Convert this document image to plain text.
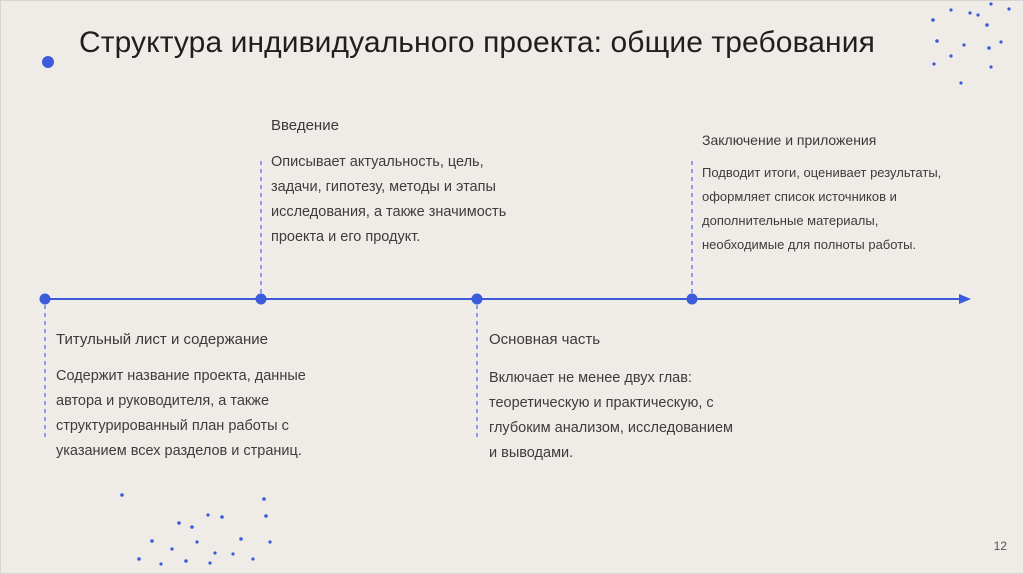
Структура индивидуального проекта: общие требования
Введение
Описывает актуальность, цель,
задачи, гипотезу, методы и этапы
исследования, а также значимость
проекта и его продукт.
Заключение и приложения
Подводит итоги, оценивает результаты,
оформляет список источников и
дополнительные материалы,
необходимые для полноты работы.
Титульный лист и содержание
Содержит название проекта, данные
автора и руководителя, а также
структурированный план работы с
указанием всех разделов и страниц.
Основная часть
Включает не менее двух глав:
теоретическую и практическую, с
глубоким анализом, исследованием
и выводами.
12
